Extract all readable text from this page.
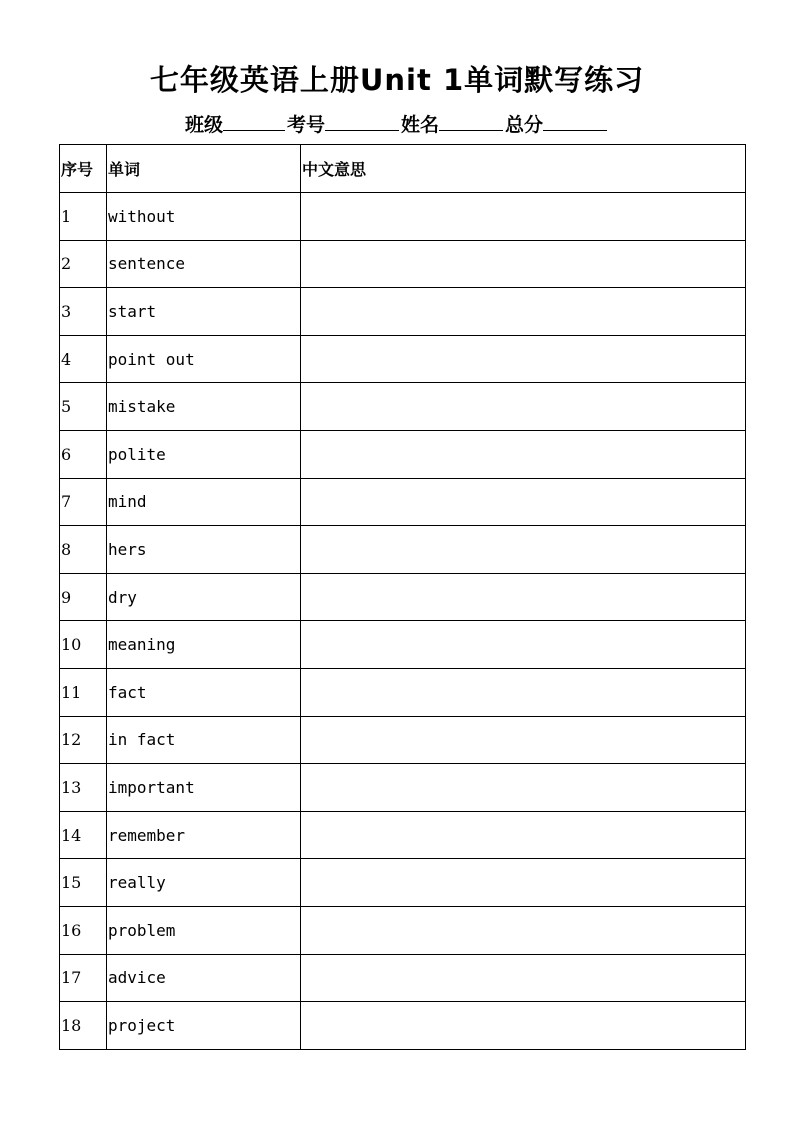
七年级英语上册Unit 1单词默写练习
班级	考号	姓名	总分
序号	单词	中文意思
1	without	
2	sentence	
3	start	
4	point out	
5	mistake	
6	polite	
7	mind	
8	hers	
9	dry	
10	meaning	
11	fact	
12	in fact	
13	important	
14	remember	
15	really	
16	problem	
17	advice	
18	project	
